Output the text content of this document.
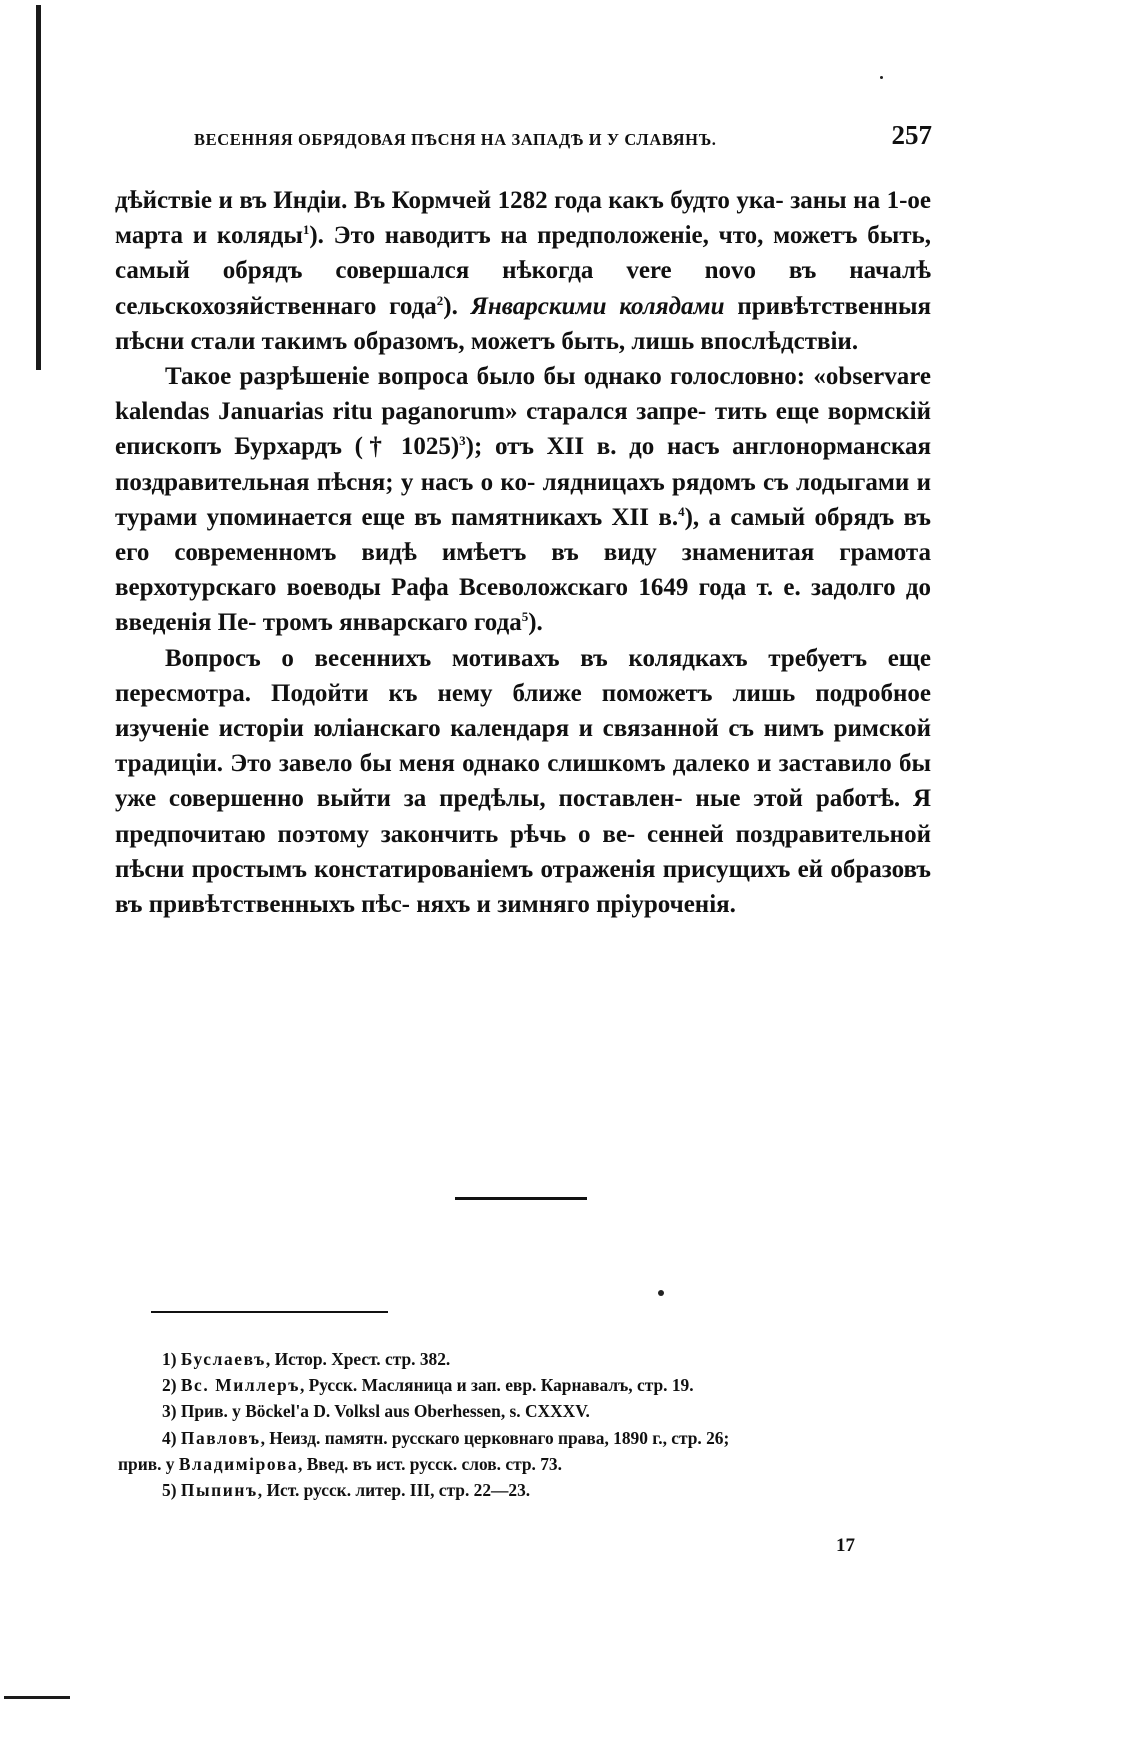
ВЕСЕННЯЯ ОБРЯДОВАЯ ПѢСНЯ НА ЗАПАДѢ И У СЛАВЯНЪ.	257

дѣйствіе и въ Индіи. Въ Кормчей 1282 года какъ будто ука- заны на 1-ое марта и коляды$^1$). Это наводитъ на предположеніе, что, можетъ быть, самый обрядъ совершался нѣкогда vere novo въ началѣ сельскохозяйственнаго года$^2$). Январскими колядами привѣтственныя пѣсни стали такимъ образомъ, можетъ быть, лишь впослѣдствіи.

Такое разрѣшеніе вопроса было бы однако голословно: «observare kalendas Januarias ritu paganorum» старался запре- тить еще вормскій епископъ Бурхардъ († 1025)$^3$); отъ XII в. до насъ англонорманская поздравительная пѣсня; у насъ о ко- лядницахъ рядомъ съ лодыгами и турами упоминается еще въ памятникахъ XII в.$^4$), а самый обрядъ въ его современномъ видѣ имѣетъ въ виду знаменитая грамота верхотурскаго воеводы Рафа Всеволожскаго 1649 года т. е. задолго до введенія Пе- тромъ январскаго года$^5$).

Вопросъ о весеннихъ мотивахъ въ колядкахъ требуетъ еще пересмотра. Подойти къ нему ближе поможетъ лишь подробное изученіе исторіи юліанскаго календаря и связанной съ нимъ римской традиціи. Это завело бы меня однако слишкомъ далеко и заставило бы уже совершенно выйти за предѣлы, поставлен- ные этой работѣ. Я предпочитаю поэтому закончить рѣчь о ве- сенней поздравительной пѣсни простымъ констатированіемъ отраженія присущихъ ей образовъ въ привѣтственныхъ пѣс- няхъ и зимняго пріуроченія.

1) Буслаевъ, Истор. Хрест. стр. 382.

2) Вс. Миллеръ, Русск. Масляница и зап. евр. Карнавалъ, стр. 19.

3) Прив. у Böckel'a D. Volksl aus Oberhessen, s. CXXXV.

4) Павловъ, Неизд. памятн. русскаго церковнаго права, 1890 г., стр. 26;
прив. у Владимірова, Введ. въ ист. русск. слов. стр. 73.

5) Пыпинъ, Ист. русск. литер. III, стр. 22—23.

17
